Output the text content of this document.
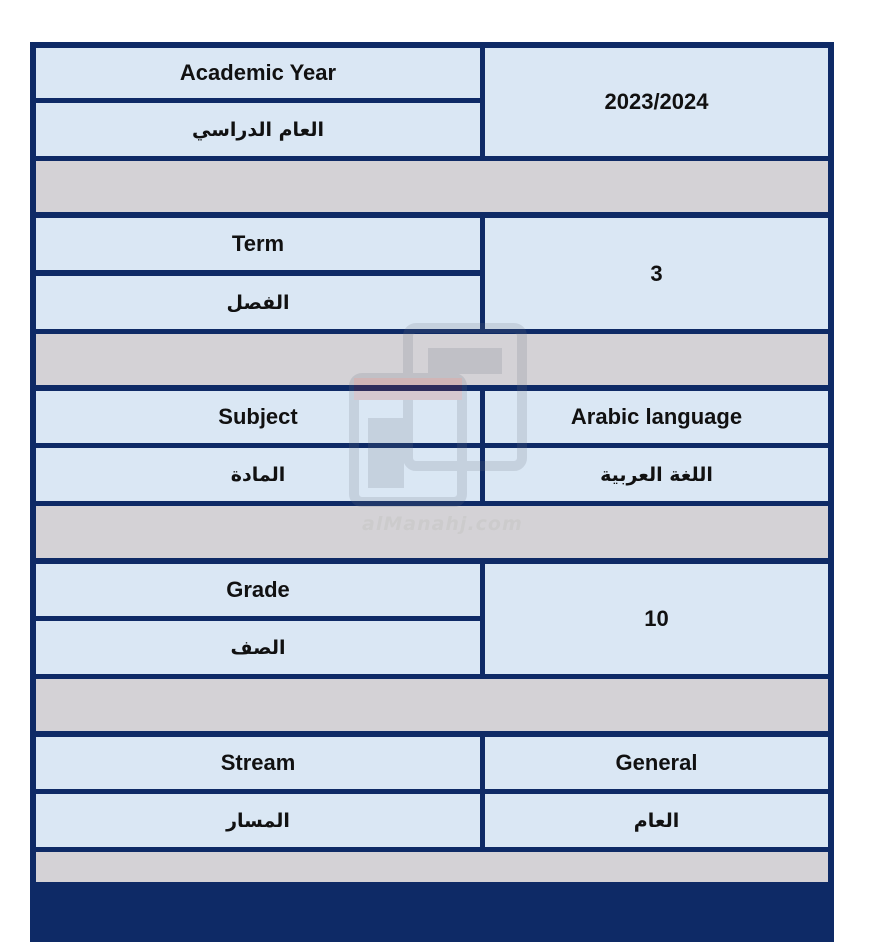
Academic Year
العام الدراسي
2023/2024
Term
الفصل
3
Subject
المادة
Arabic language
اللغة العربية
Grade
الصف
10
Stream
المسار
General
العام
alManahj.com
